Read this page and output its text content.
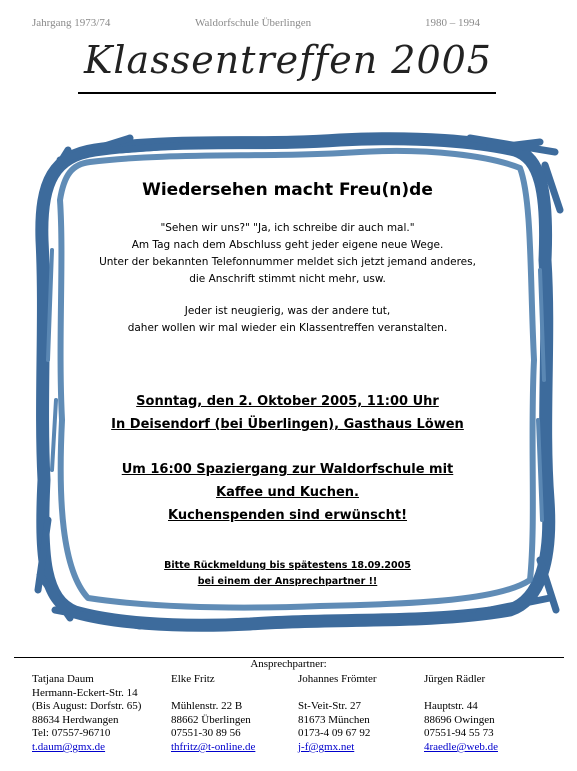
Jahrgang 1973/74	Waldorfschule Überlingen	1980 – 1994
Klassentreffen 2005
Wiedersehen macht Freu(n)de
"Sehen wir uns?" "Ja, ich schreibe dir auch mal."
Am Tag nach dem Abschluss geht jeder eigene neue Wege.
Unter der bekannten Telefonnummer meldet sich jetzt jemand anderes,
die Anschrift stimmt nicht mehr, usw.
Jeder ist neugierig, was der andere tut,
daher wollen wir mal wieder ein Klassentreffen veranstalten.
Sonntag, den 2. Oktober 2005, 11:00 Uhr
In Deisendorf (bei Überlingen), Gasthaus Löwen
Um 16:00 Spaziergang zur Waldorfschule mit
Kaffee und Kuchen.
Kuchenspenden sind erwünscht!
Bitte Rückmeldung bis spätestens 18.09.2005
bei einem der Ansprechpartner !!
Ansprechpartner:
Tatjana Daum
Hermann-Eckert-Str. 14
(Bis August: Dorfstr. 65)
88634 Herdwangen
Tel: 07557-96710
t.daum@gmx.de
Elke Fritz

Mühlenstr. 22 B
88662 Überlingen
07551-30 89 56
thfritz@t-online.de
Johannes Frömter

St-Veit-Str. 27
81673 München
0173-4 09 67 92
j-f@gmx.net
Jürgen Rädler

Hauptstr. 44
88696 Owingen
07551-94 55 73
4raedle@web.de
